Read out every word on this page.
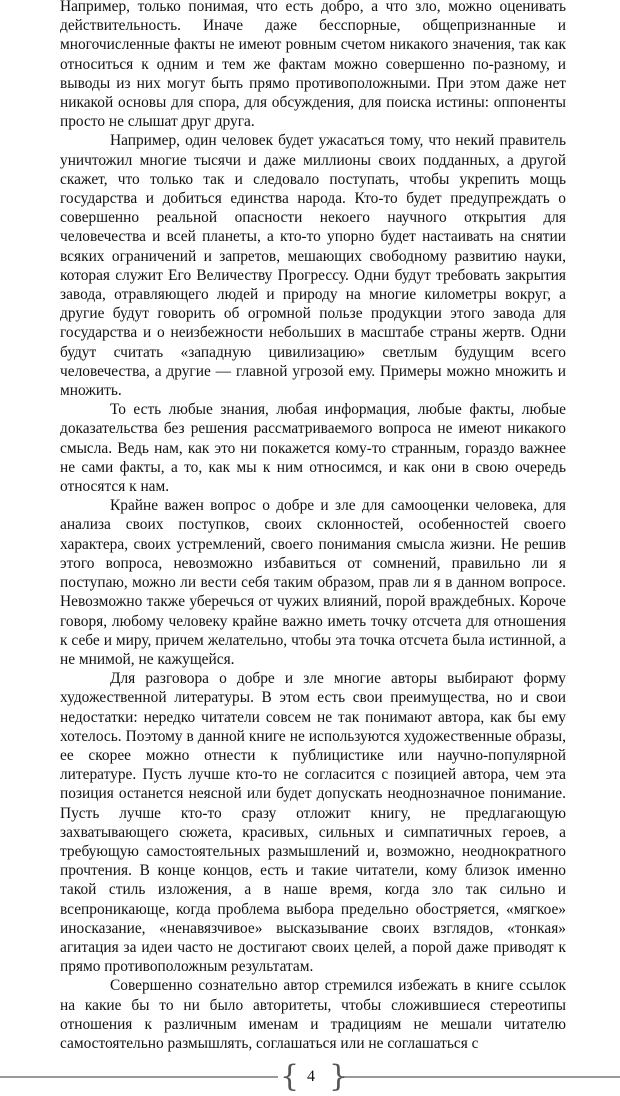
Например, только понимая, что есть добро, а что зло, можно оценивать действительность. Иначе даже бесспорные, общепризнанные и многочисленные факты не имеют ровным счетом никакого значения, так как относиться к одним и тем же фактам можно совершенно по-разному, и выводы из них могут быть прямо противоположными. При этом даже нет никакой основы для спора, для обсуждения, для поиска истины: оппоненты просто не слышат друг друга.

Например, один человек будет ужасаться тому, что некий правитель уничтожил многие тысячи и даже миллионы своих подданных, а другой скажет, что только так и следовало поступать, чтобы укрепить мощь государства и добиться единства народа. Кто-то будет предупреждать о совершенно реальной опасности некоего научного открытия для человечества и всей планеты, а кто-то упорно будет настаивать на снятии всяких ограничений и запретов, мешающих свободному развитию науки, которая служит Его Величеству Прогрессу. Одни будут требовать закрытия завода, отравляющего людей и природу на многие километры вокруг, а другие будут говорить об огромной пользе продукции этого завода для государства и о неизбежности небольших в масштабе страны жертв. Одни будут считать «западную цивилизацию» светлым будущим всего человечества, а другие — главной угрозой ему. Примеры можно множить и множить.

То есть любые знания, любая информация, любые факты, любые доказательства без решения рассматриваемого вопроса не имеют никакого смысла. Ведь нам, как это ни покажется кому-то странным, гораздо важнее не сами факты, а то, как мы к ним относимся, и как они в свою очередь относятся к нам.

Крайне важен вопрос о добре и зле для самооценки человека, для анализа своих поступков, своих склонностей, особенностей своего характера, своих устремлений, своего понимания смысла жизни. Не решив этого вопроса, невозможно избавиться от сомнений, правильно ли я поступаю, можно ли вести себя таким образом, прав ли я в данном вопросе. Невозможно также уберечься от чужих влияний, порой враждебных. Короче говоря, любому человеку крайне важно иметь точку отсчета для отношения к себе и миру, причем желательно, чтобы эта точка отсчета была истинной, а не мнимой, не кажущейся.

Для разговора о добре и зле многие авторы выбирают форму художественной литературы. В этом есть свои преимущества, но и свои недостатки: нередко читатели совсем не так понимают автора, как бы ему хотелось. Поэтому в данной книге не используются художественные образы, ее скорее можно отнести к публицистике или научно-популярной литературе. Пусть лучше кто-то не согласится с позицией автора, чем эта позиция останется неясной или будет допускать неоднозначное понимание. Пусть лучше кто-то сразу отложит книгу, не предлагающую захватывающего сюжета, красивых, сильных и симпатичных героев, а требующую самостоятельных размышлений и, возможно, неоднократного прочтения. В конце концов, есть и такие читатели, кому близок именно такой стиль изложения, а в наше время, когда зло так сильно и всепроникающе, когда проблема выбора предельно обостряется, «мягкое» иносказание, «ненавязчивое» высказывание своих взглядов, «тонкая» агитация за идеи часто не достигают своих целей, а порой даже приводят к прямо противоположным результатам.

Совершенно сознательно автор стремился избежать в книге ссылок на какие бы то ни было авторитеты, чтобы сложившиеся стереотипы отношения к различным именам и традициям не мешали читателю самостоятельно размышлять, соглашаться или не соглашаться с

{ 4 }
